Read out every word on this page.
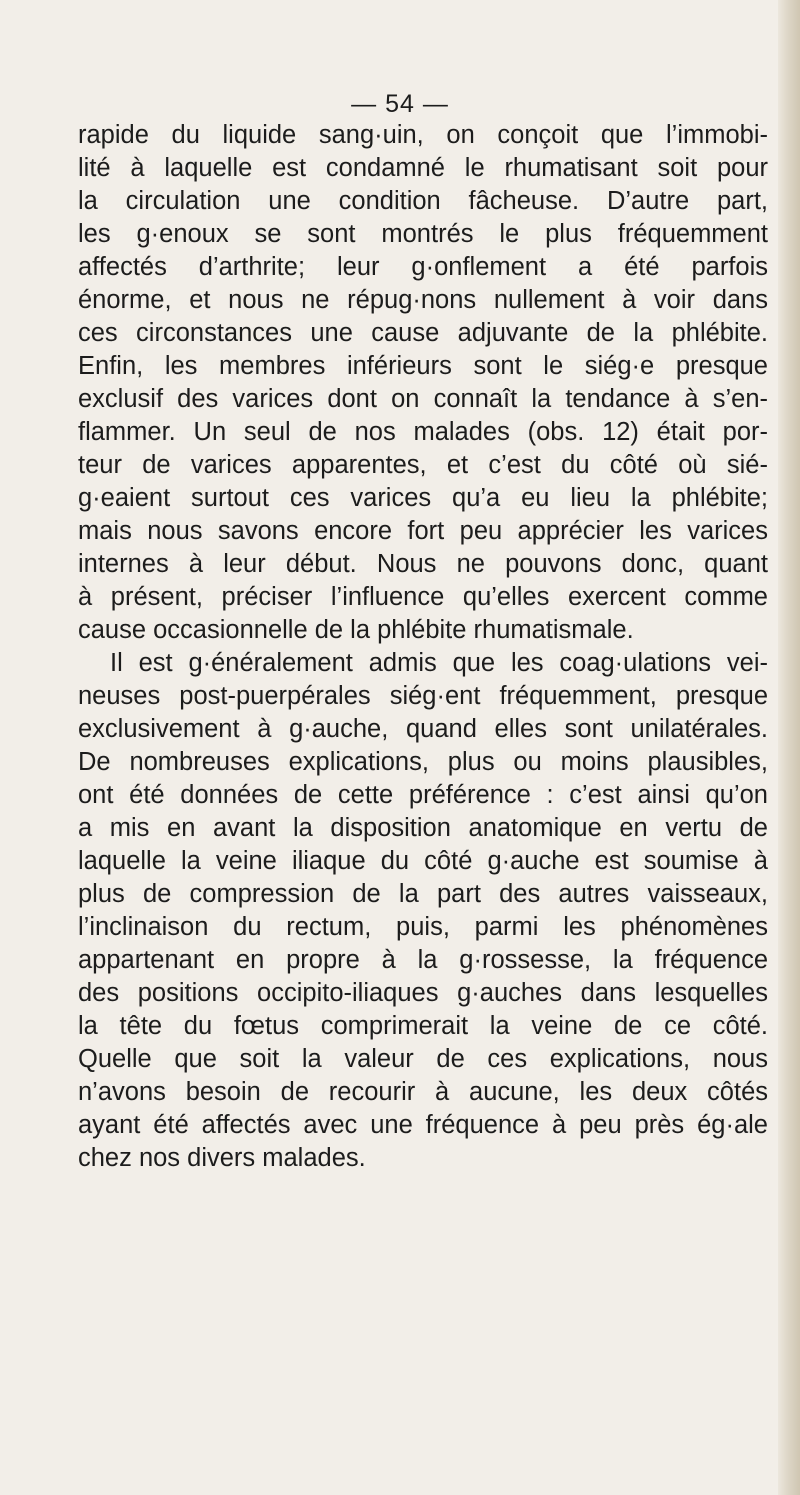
— 54 —
rapide du liquide sang·uin, on conçoit que l’immobi-
lité à laquelle est condamné le rhumatisant soit pour
la circulation une condition fâcheuse. D’autre part,
les g·enoux se sont montrés le plus fréquemment
affectés d’arthrite; leur g·onflement a été parfois
énorme, et nous ne répug·nons nullement à voir dans
ces circonstances une cause adjuvante de la phlébite.
Enfin, les membres inférieurs sont le siég·e presque
exclusif des varices dont on connaît la tendance à s’en-
flammer. Un seul de nos malades (obs. 12) était por-
teur de varices apparentes, et c’est du côté où sié-
g·eaient surtout ces varices qu’a eu lieu la phlébite;
mais nous savons encore fort peu apprécier les varices
internes à leur début. Nous ne pouvons donc, quant
à présent, préciser l’influence qu’elles exercent comme
cause occasionnelle de la phlébite rhumatismale.
Il est g·énéralement admis que les coag·ulations vei-
neuses post-puerpérales siég·ent fréquemment, presque
exclusivement à g·auche, quand elles sont unilatérales.
De nombreuses explications, plus ou moins plausibles,
ont été données de cette préférence : c’est ainsi qu’on
a mis en avant la disposition anatomique en vertu de
laquelle la veine iliaque du côté g·auche est soumise à
plus de compression de la part des autres vaisseaux,
l’inclinaison du rectum, puis, parmi les phénomènes
appartenant en propre à la g·rossesse, la fréquence
des positions occipito-iliaques g·auches dans lesquelles
la tête du fœtus comprimerait la veine de ce côté.
Quelle que soit la valeur de ces explications, nous
n’avons besoin de recourir à aucune, les deux côtés
ayant été affectés avec une fréquence à peu près ég·ale
chez nos divers malades.
